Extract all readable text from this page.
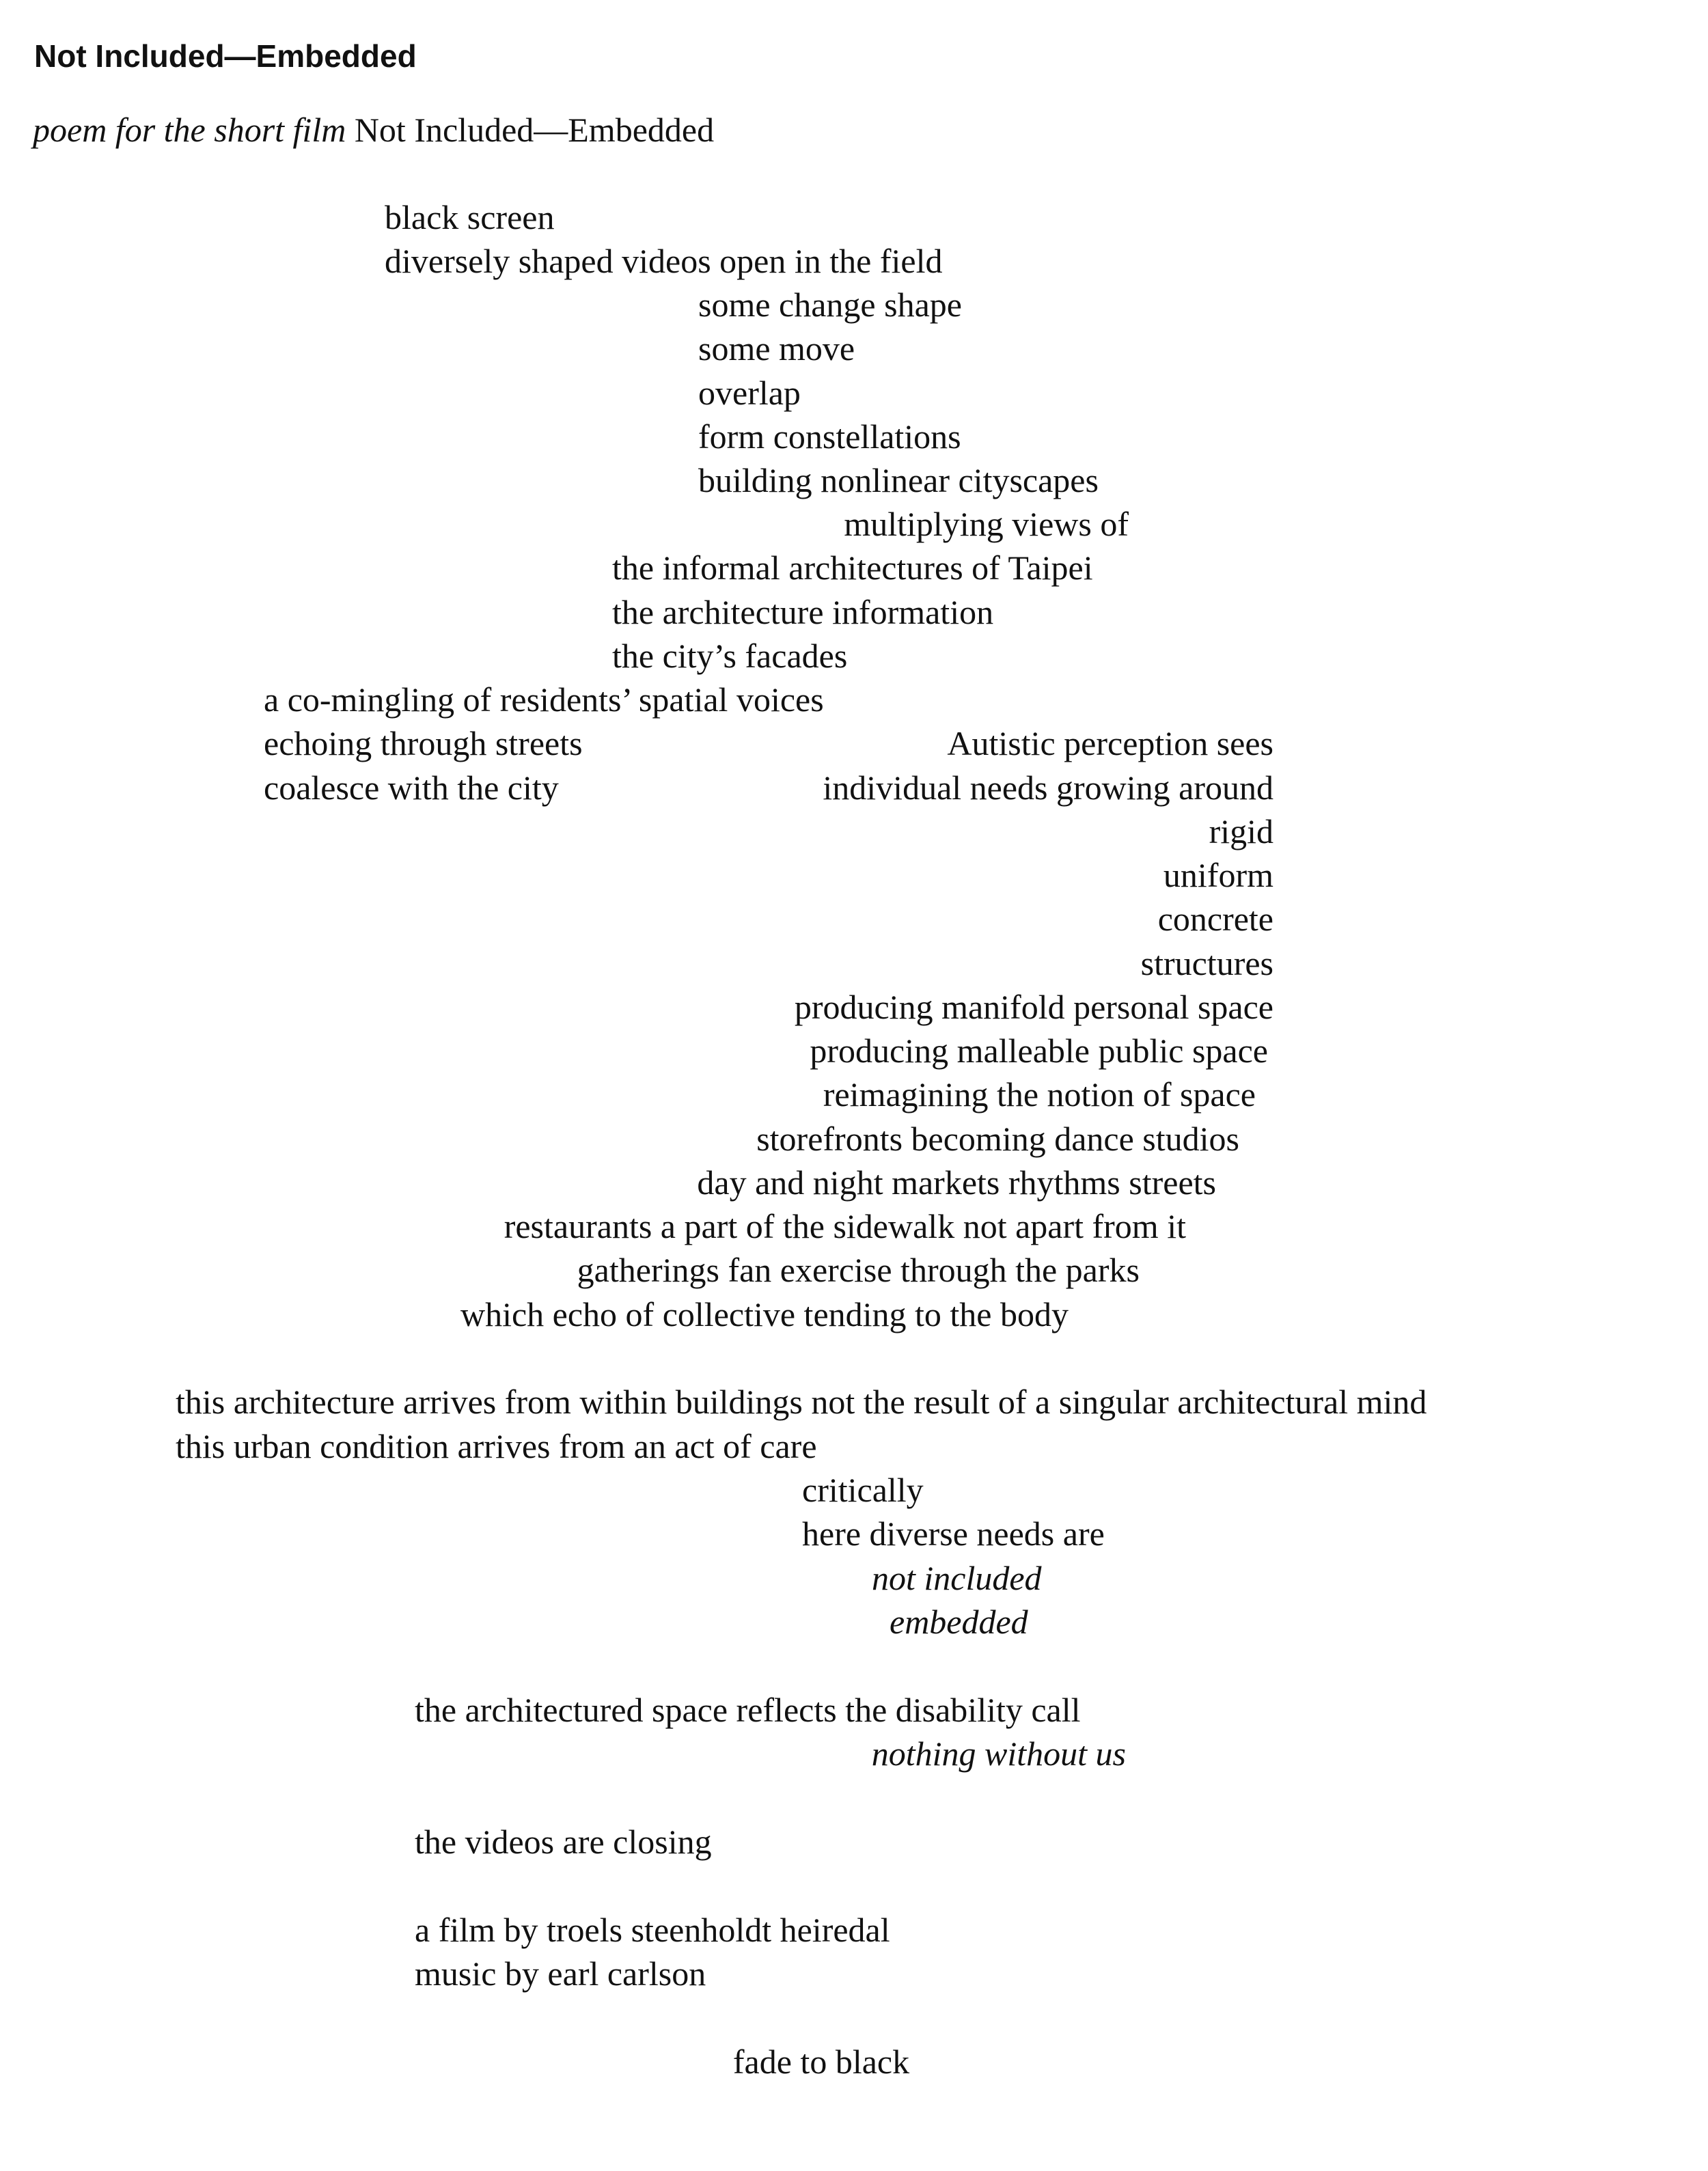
Not Included—Embedded
poem for the short film Not Included—Embedded
black screen
diversely shaped videos open in the field
some change shape
some move
overlap
form constellations
building nonlinear cityscapes
multiplying views of
the informal architectures of Taipei
the architecture information
the city’s facades
a co-mingling of residents’ spatial voices
echoing through streets	Autistic perception sees
coalesce with the city	individual needs growing around
rigid
uniform
concrete
structures
producing manifold personal space
producing malleable public space
reimagining the notion of space
storefronts becoming dance studios
day and night markets rhythms streets
restaurants a part of the sidewalk not apart from it
gatherings fan exercise through the parks
which echo of collective tending to the body
this architecture arrives from within buildings not the result of a singular architectural mind
this urban condition arrives from an act of care
critically
here diverse needs are
not included
embedded
the architectured space reflects the disability call
nothing without us
the videos are closing
a film by troels steenholdt heiredal
music by earl carlson
fade to black
